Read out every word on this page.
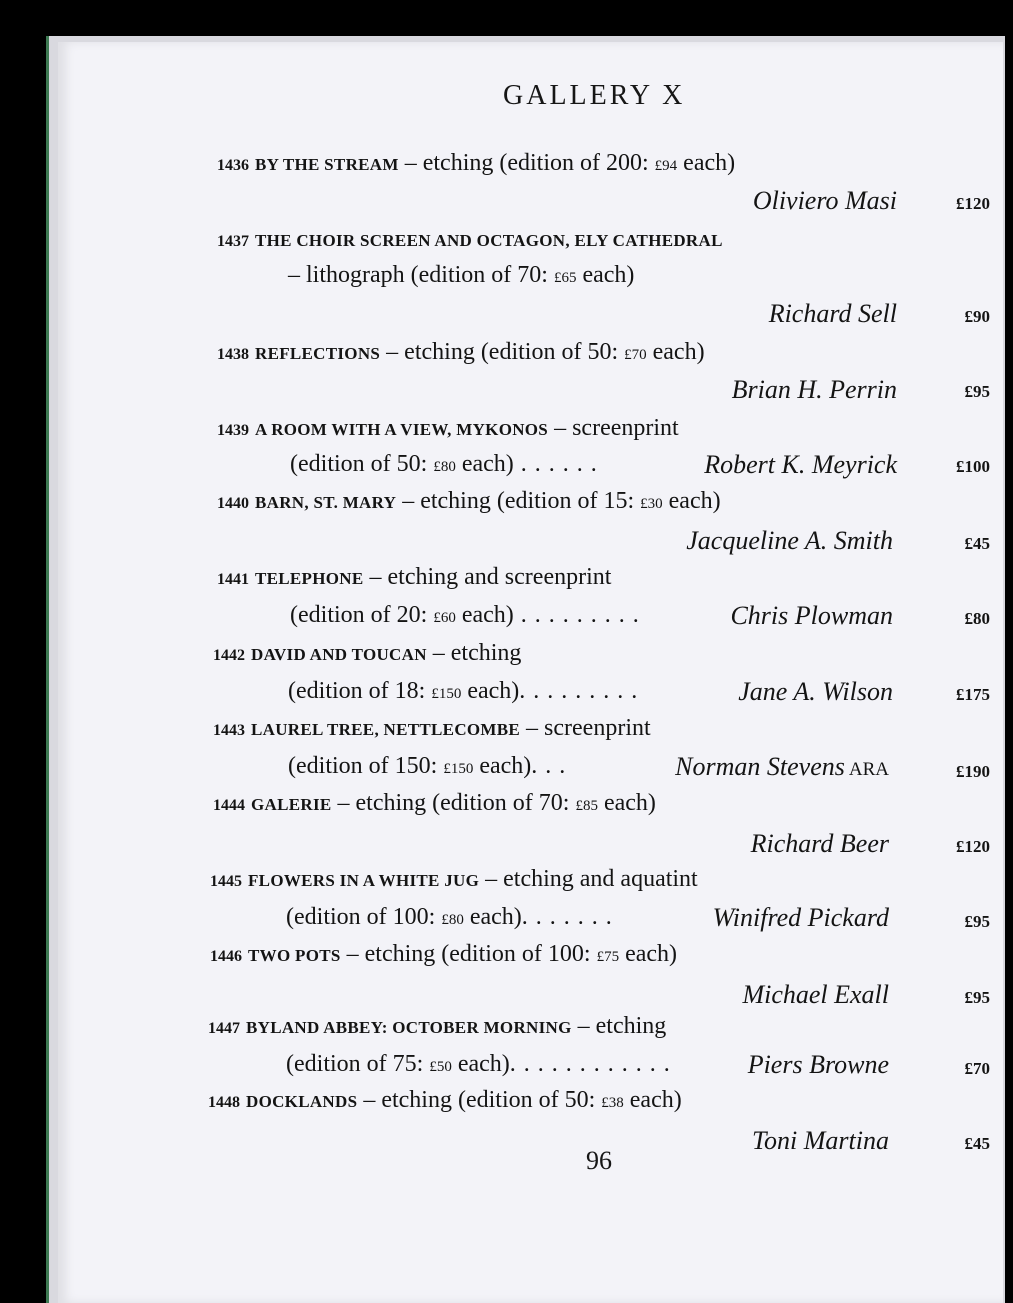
GALLERY X
1436 BY THE STREAM – etching (edition of 200: £94 each)
Oliviero Masi	£120
1437 THE CHOIR SCREEN AND OCTAGON, ELY CATHEDRAL
– lithograph (edition of 70: £65 each)
Richard Sell	£90
1438 REFLECTIONS – etching (edition of 50: £70 each)
Brian H. Perrin	£95
1439 A ROOM WITH A VIEW, MYKONOS – screenprint
(edition of 50: £80 each) . . . . . .	Robert K. Meyrick	£100
1440 BARN, ST. MARY – etching (edition of 15: £30 each)
Jacqueline A. Smith	£45
1441 TELEPHONE – etching and screenprint
(edition of 20: £60 each) . . . . . . . . .	Chris Plowman	£80
1442 DAVID AND TOUCAN – etching
(edition of 18: £150 each). . . . . . . . .	Jane A. Wilson	£175
1443 LAUREL TREE, NETTLECOMBE – screenprint
(edition of 150: £150 each). . .	Norman Stevens ARA	£190
1444 GALERIE – etching (edition of 70: £85 each)
Richard Beer	£120
1445 FLOWERS IN A WHITE JUG – etching and aquatint
(edition of 100: £80 each). . . . . . .	Winifred Pickard	£95
1446 TWO POTS – etching (edition of 100: £75 each)
Michael Exall	£95
1447 BYLAND ABBEY: OCTOBER MORNING – etching
(edition of 75: £50 each). . . . . . . . . . . .	Piers Browne	£70
1448 DOCKLANDS – etching (edition of 50: £38 each)
Toni Martina	£45
96
